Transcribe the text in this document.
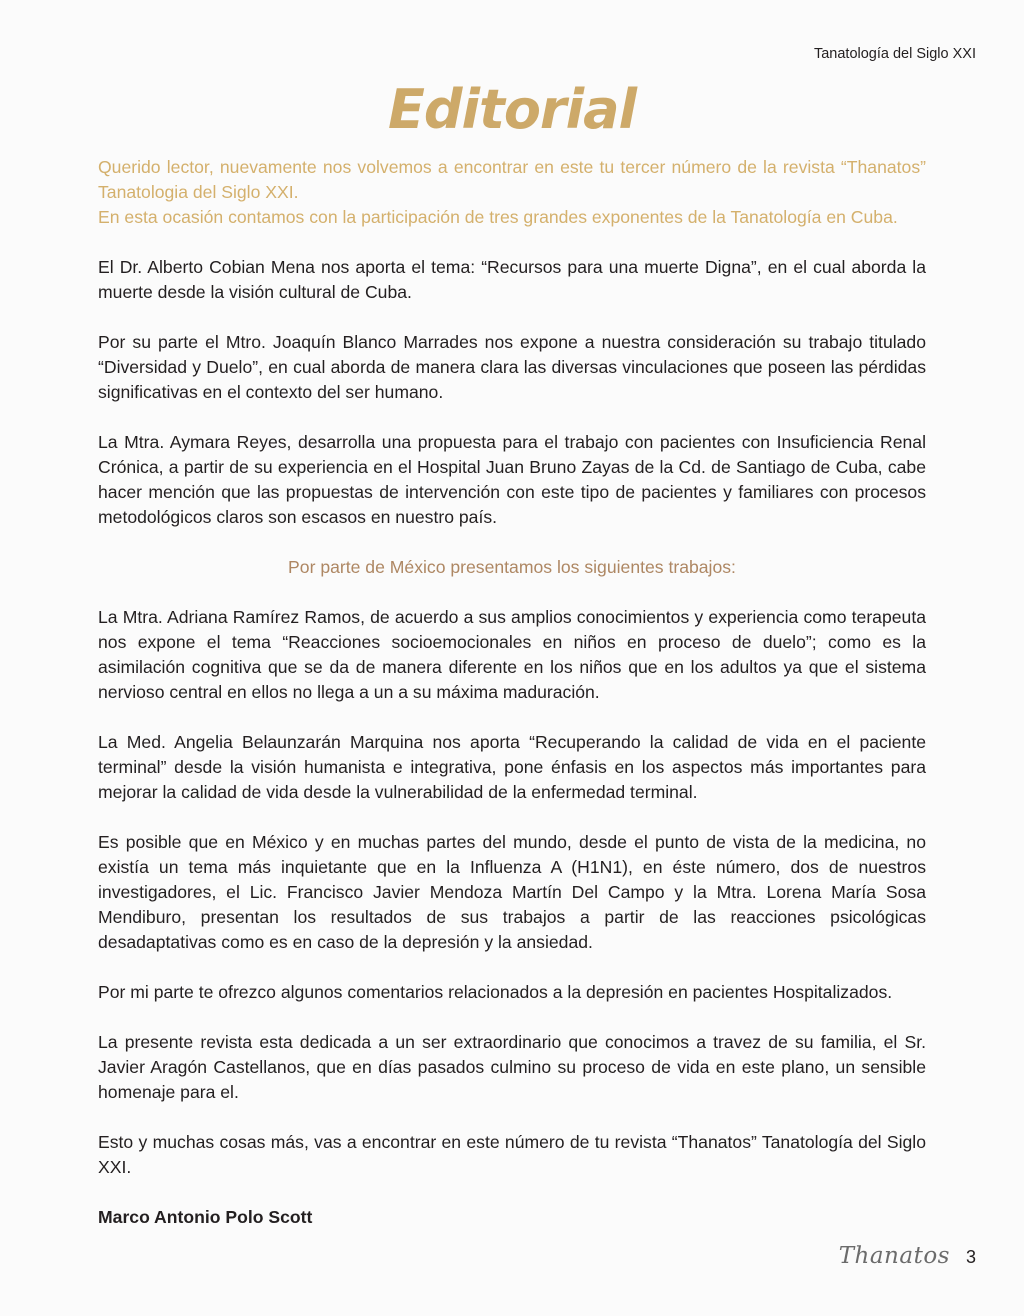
Tanatología del Siglo XXI
Editorial

Querido lector, nuevamente nos volvemos a encontrar en este tu tercer número de la revista “Thanatos” Tanatologia del Siglo XXI.

En esta ocasión contamos con la participación de tres grandes exponentes de la Tanatología en Cuba.

El Dr. Alberto Cobian Mena nos aporta el tema: “Recursos para una muerte Digna”, en el cual aborda la muerte desde la visión cultural de Cuba.

Por su parte el Mtro. Joaquín Blanco Marrades nos expone a nuestra consideración su trabajo titulado “Diversidad y Duelo”, en cual aborda de manera clara las diversas vinculaciones que poseen las pérdidas significativas en el contexto del ser humano.

La Mtra. Aymara Reyes, desarrolla una propuesta para el trabajo con pacientes con Insuficiencia Renal Crónica, a partir de su experiencia en el Hospital Juan Bruno Zayas de la Cd. de Santiago de Cuba, cabe hacer mención que las propuestas de intervención con este tipo de pacientes y familiares con procesos metodológicos claros son escasos en nuestro país.

Por parte de México presentamos los siguientes trabajos:

La Mtra. Adriana Ramírez Ramos, de acuerdo a sus amplios conocimientos y experiencia como terapeuta nos expone el tema “Reacciones socioemocionales en niños en proceso de duelo”; como es la asimilación cognitiva que se da de manera diferente en los niños que en los adultos ya que el sistema nervioso central en ellos no llega a un a su máxima maduración.

La Med. Angelia Belaunzarán Marquina nos aporta “Recuperando la calidad de vida en el paciente terminal” desde la visión humanista e integrativa, pone énfasis en los aspectos más importantes para mejorar la calidad de vida desde la vulnerabilidad de la enfermedad terminal.

Es posible que en México y en muchas partes del mundo, desde el punto de vista de la medicina, no existía un tema más inquietante que en la Influenza A (H1N1), en éste número, dos de nuestros investigadores, el Lic. Francisco Javier Mendoza Martín Del Campo y la Mtra. Lorena María Sosa Mendiburo, presentan los resultados de sus trabajos a partir de las reacciones psicológicas desadaptativas como es en caso de la depresión y la ansiedad.

Por mi parte te ofrezco algunos comentarios relacionados a la depresión en pacientes Hospitalizados.

La presente revista esta dedicada a un ser extraordinario que conocimos a travez de su familia, el Sr. Javier Aragón Castellanos, que en días pasados culmino su proceso de vida en este plano, un sensible homenaje para el.

Esto y muchas cosas más, vas a encontrar en este número de tu revista “Thanatos” Tanatología del Siglo XXI.

Marco Antonio Polo Scott

Thanatos 3
